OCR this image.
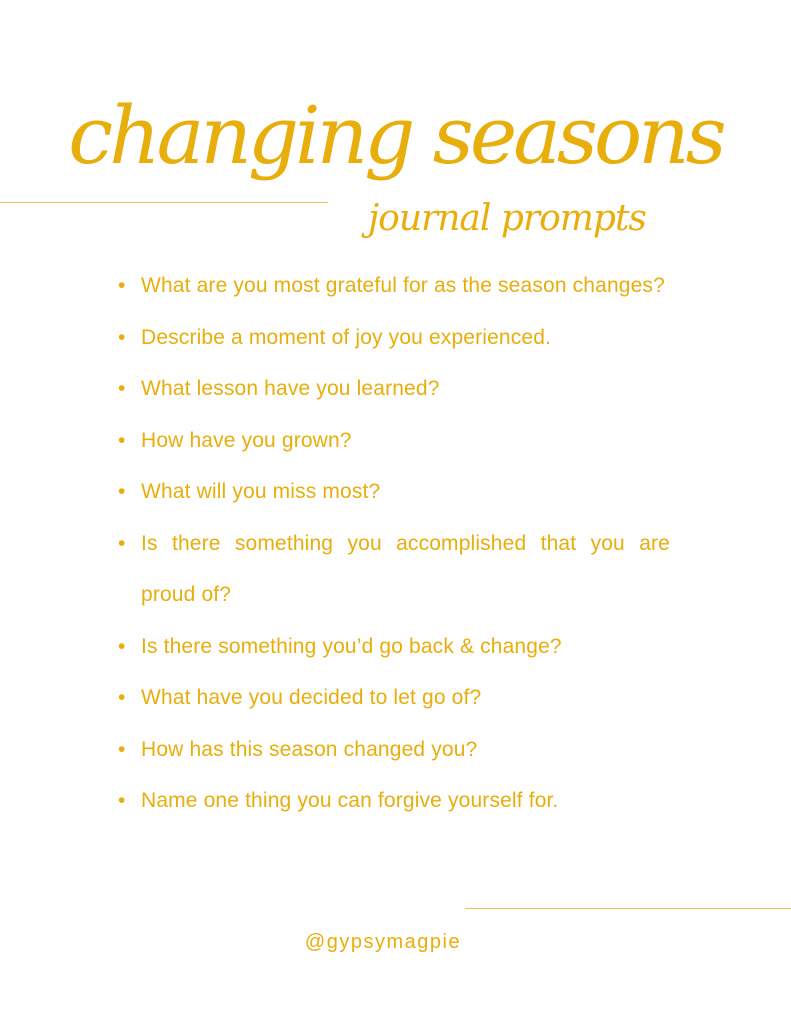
changing seasons
journal prompts
• What are you most grateful for as the season changes?
• Describe a moment of joy you experienced.
• What lesson have you learned?
• How have you grown?
• What will you miss most?
• Is there something you accomplished that you are proud of?
• Is there something you’d go back & change?
• What have you decided to let go of?
• How has this season changed you?
• Name one thing you can forgive yourself for.
@gypsymagpie
